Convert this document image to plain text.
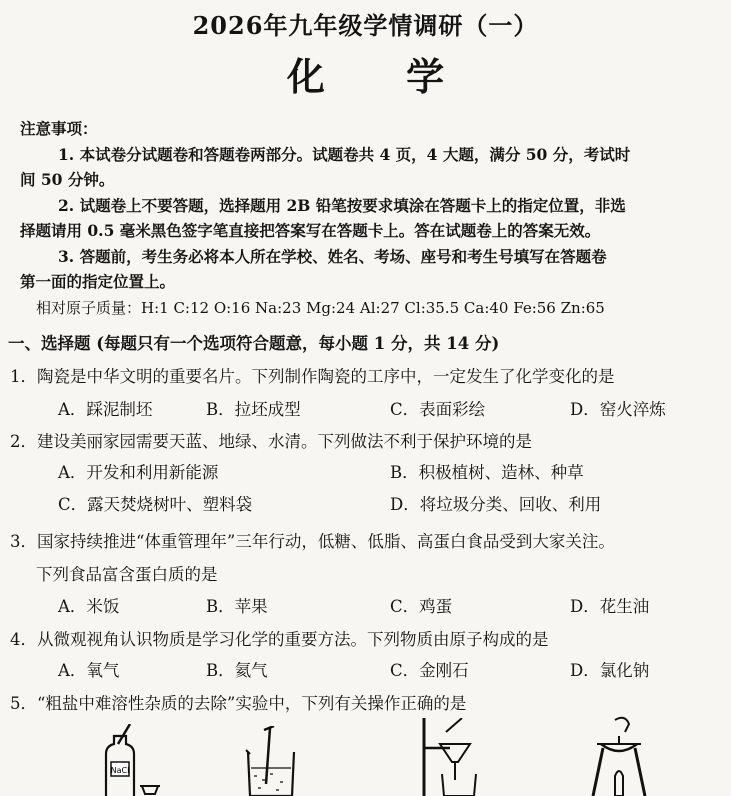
2026年九年级学情调研（一）
化 学
注意事项：
1. 本试卷分试题卷和答题卷两部分。试题卷共 4 页，4 大题，满分 50 分，考试时
间 50 分钟。
2. 试题卷上不要答题，选择题用 2B 铅笔按要求填涂在答题卡上的指定位置，非选
择题请用 0.5 毫米黑色签字笔直接把答案写在答题卡上。答在试题卷上的答案无效。
3. 答题前，考生务必将本人所在学校、姓名、考场、座号和考生号填写在答题卷
第一面的指定位置上。
相对原子质量：H:1 C:12 O:16 Na:23 Mg:24 Al:27 Cl:35.5 Ca:40 Fe:56 Zn:65
一、选择题 (每题只有一个选项符合题意，每小题 1 分，共 14 分)
1．陶瓷是中华文明的重要名片。下列制作陶瓷的工序中，一定发生了化学变化的是
A．踩泥制坯	B．拉坯成型	C．表面彩绘	D．窑火淬炼
2．建设美丽家园需要天蓝、地绿、水清。下列做法不利于保护环境的是
A．开发和利用新能源	B．积极植树、造林、种草
C．露天焚烧树叶、塑料袋	D．将垃圾分类、回收、利用
3．国家持续推进“体重管理年”三年行动，低糖、低脂、高蛋白食品受到大家关注。
下列食品富含蛋白质的是
A．米饭	B．苹果	C．鸡蛋	D．花生油
4．从微观视角认识物质是学习化学的重要方法。下列物质由原子构成的是
A．氧气	B．氦气	C．金刚石	D．氯化钠
5．“粗盐中难溶性杂质的去除”实验中，下列有关操作正确的是
NaCl
